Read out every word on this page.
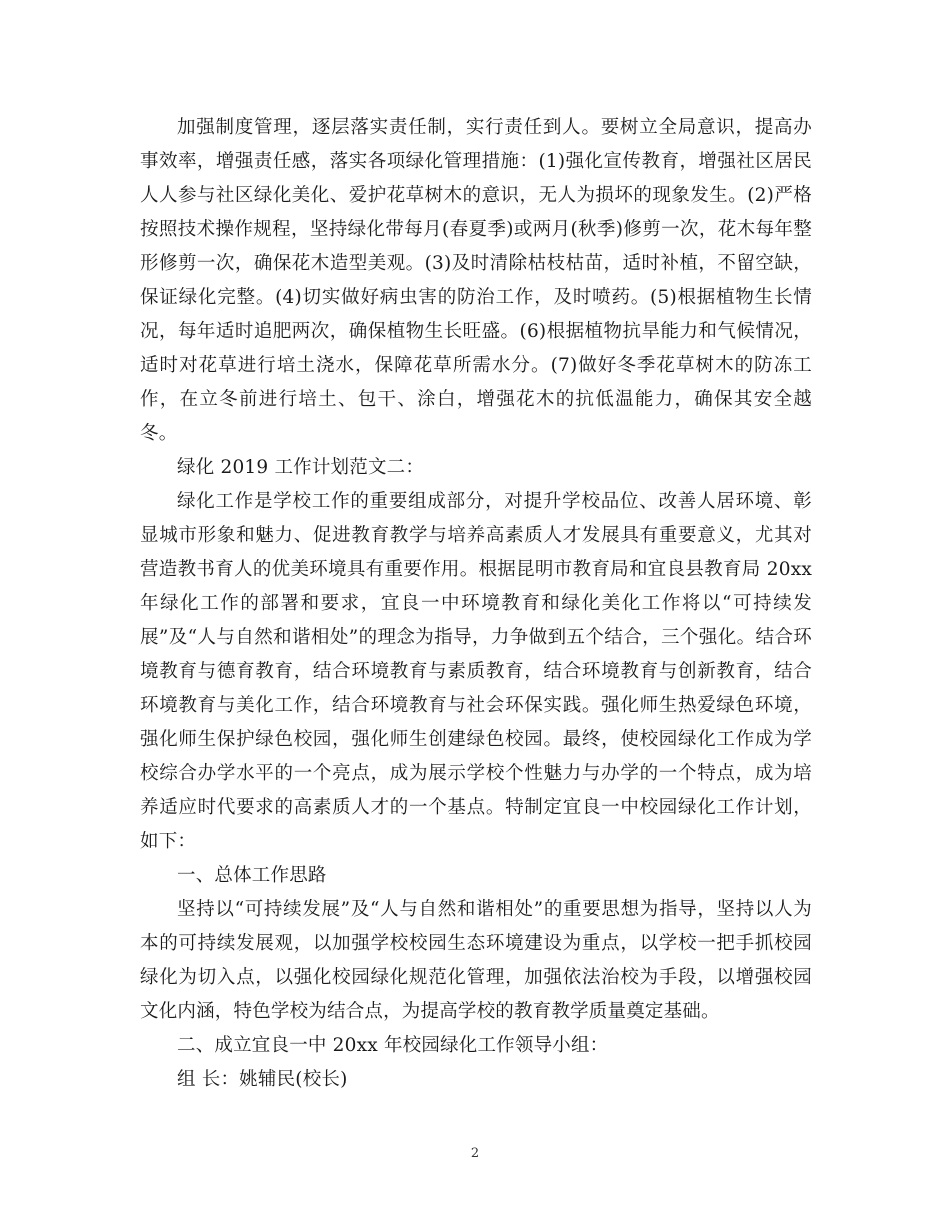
加强制度管理，逐层落实责任制，实行责任到人。要树立全局意识，提高办事效率，增强责任感，落实各项绿化管理措施：(1)强化宣传教育，增强社区居民人人参与社区绿化美化、爱护花草树木的意识，无人为损坏的现象发生。(2)严格按照技术操作规程，坚持绿化带每月(春夏季)或两月(秋季)修剪一次，花木每年整形修剪一次，确保花木造型美观。(3)及时清除枯枝枯苗，适时补植，不留空缺，保证绿化完整。(4)切实做好病虫害的防治工作，及时喷药。(5)根据植物生长情况，每年适时追肥两次，确保植物生长旺盛。(6)根据植物抗旱能力和气候情况，适时对花草进行培土浇水，保障花草所需水分。(7)做好冬季花草树木的防冻工作，在立冬前进行培土、包干、涂白，增强花木的抗低温能力，确保其安全越冬。

绿化 2019 工作计划范文二：

绿化工作是学校工作的重要组成部分，对提升学校品位、改善人居环境、彰显城市形象和魅力、促进教育教学与培养高素质人才发展具有重要意义，尤其对营造教书育人的优美环境具有重要作用。根据昆明市教育局和宜良县教育局 20xx 年绿化工作的部署和要求，宜良一中环境教育和绿化美化工作将以“可持续发展”及“人与自然和谐相处”的理念为指导，力争做到五个结合，三个强化。结合环境教育与德育教育，结合环境教育与素质教育，结合环境教育与创新教育，结合环境教育与美化工作，结合环境教育与社会环保实践。强化师生热爱绿色环境，强化师生保护绿色校园，强化师生创建绿色校园。最终，使校园绿化工作成为学校综合办学水平的一个亮点，成为展示学校个性魅力与办学的一个特点，成为培养适应时代要求的高素质人才的一个基点。特制定宜良一中校园绿化工作计划，如下：

一、总体工作思路

坚持以“可持续发展”及“人与自然和谐相处”的重要思想为指导，坚持以人为本的可持续发展观，以加强学校校园生态环境建设为重点，以学校一把手抓校园绿化为切入点，以强化校园绿化规范化管理，加强依法治校为手段，以增强校园文化内涵，特色学校为结合点，为提高学校的教育教学质量奠定基础。

二、成立宜良一中 20xx 年校园绿化工作领导小组：

组 长：姚辅民(校长)

2
